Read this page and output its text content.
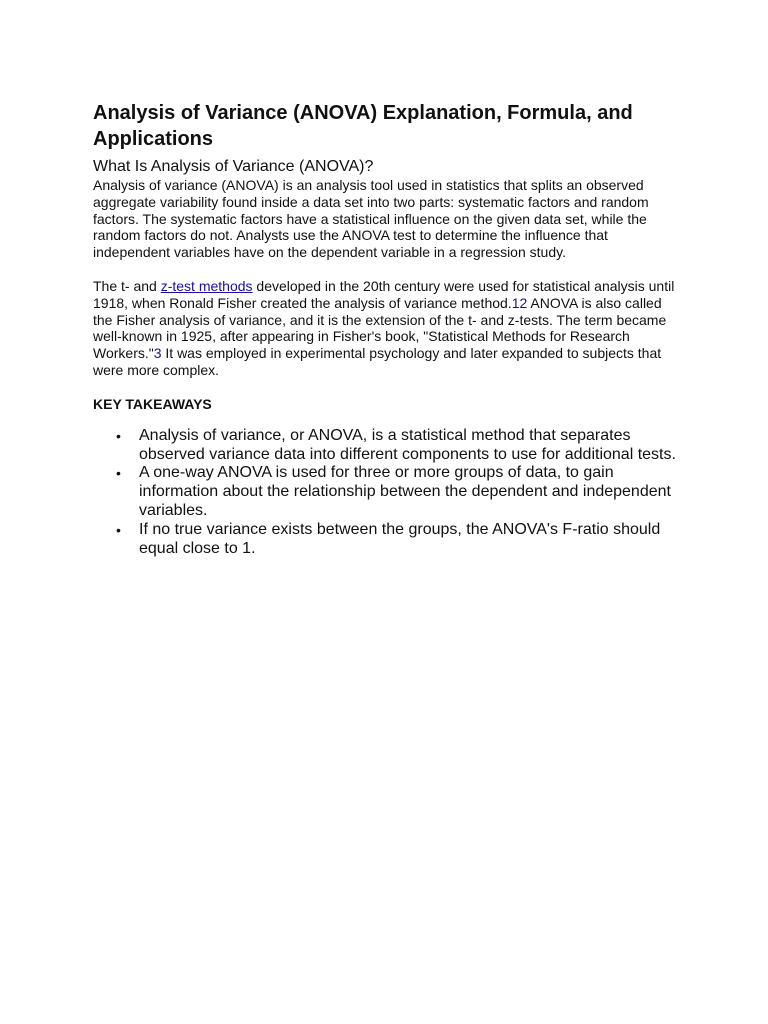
Analysis of Variance (ANOVA) Explanation, Formula, and Applications
What Is Analysis of Variance (ANOVA)?

Analysis of variance (ANOVA) is an analysis tool used in statistics that splits an observed aggregate variability found inside a data set into two parts: systematic factors and random factors. The systematic factors have a statistical influence on the given data set, while the random factors do not. Analysts use the ANOVA test to determine the influence that independent variables have on the dependent variable in a regression study.

The t- and z-test methods developed in the 20th century were used for statistical analysis until 1918, when Ronald Fisher created the analysis of variance method.12 ANOVA is also called the Fisher analysis of variance, and it is the extension of the t- and z-tests. The term became well-known in 1925, after appearing in Fisher's book, "Statistical Methods for Research Workers."3 It was employed in experimental psychology and later expanded to subjects that were more complex.

KEY TAKEAWAYS
• Analysis of variance, or ANOVA, is a statistical method that separates observed variance data into different components to use for additional tests.
• A one-way ANOVA is used for three or more groups of data, to gain information about the relationship between the dependent and independent variables.
• If no true variance exists between the groups, the ANOVA's F-ratio should equal close to 1.
